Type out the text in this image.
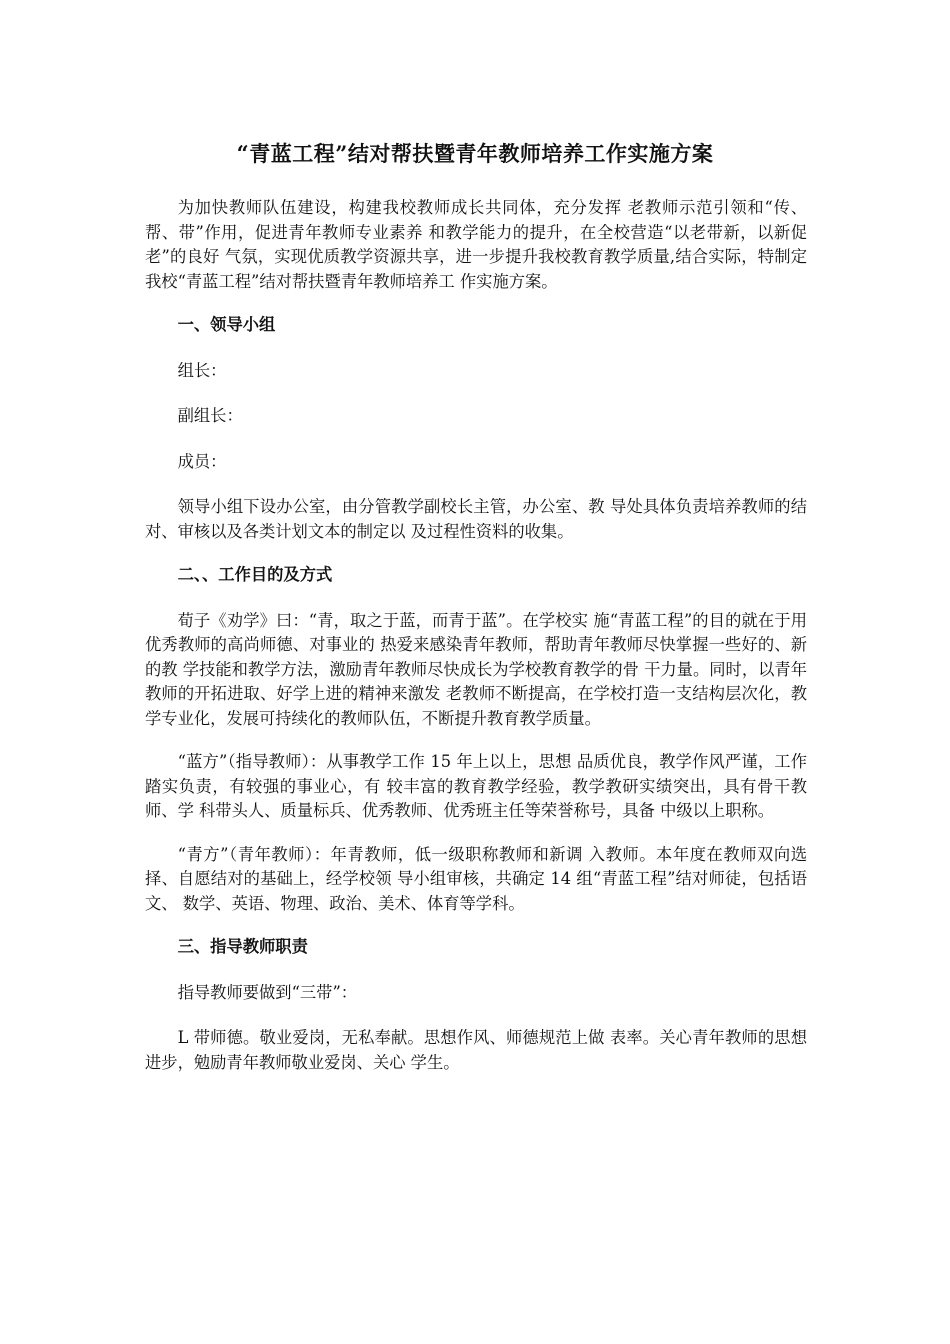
“青蓝工程”结对帮扶暨青年教师培养工作实施方案

为加快教师队伍建设，构建我校教师成长共同体，充分发挥 老教师示范引领和“传、帮、带”作用，促进青年教师专业素养 和教学能力的提升，在全校营造“以老带新，以新促老”的良好 气氛，实现优质教学资源共享，进一步提升我校教育教学质量,结合实际，特制定我校“青蓝工程”结对帮扶暨青年教师培养工 作实施方案。

一、领导小组
组长：
副组长：
成员：

领导小组下设办公室，由分管教学副校长主管，办公室、教 导处具体负责培养教师的结对、审核以及各类计划文本的制定以 及过程性资料的收集。

二、、工作目的及方式

荀子《劝学》曰：“青，取之于蓝，而青于蓝”。在学校实 施“青蓝工程”的目的就在于用优秀教师的高尚师德、对事业的 热爱来感染青年教师，帮助青年教师尽快掌握一些好的、新的教 学技能和教学方法，激励青年教师尽快成长为学校教育教学的骨 干力量。同时，以青年教师的开拓进取、好学上进的精神来激发 老教师不断提高，在学校打造一支结构层次化，教学专业化，发展可持续化的教师队伍，不断提升教育教学质量。

“蓝方”（指导教师）：从事教学工作 15 年上以上，思想 品质优良，教学作风严谨，工作踏实负责，有较强的事业心，有 较丰富的教育教学经验，教学教研实绩突出，具有骨干教师、学 科带头人、质量标兵、优秀教师、优秀班主任等荣誉称号，具备 中级以上职称。

“青方”（青年教师）：年青教师，低一级职称教师和新调 入教师。本年度在教师双向选择、自愿结对的基础上，经学校领 导小组审核，共确定 14 组“青蓝工程”结对师徒，包括语文、 数学、英语、物理、政治、美术、体育等学科。

三、指导教师职责
指导教师要做到“三带”：

L 带师德。敬业爱岗，无私奉献。思想作风、师德规范上做 表率。关心青年教师的思想进步，勉励青年教师敬业爱岗、关心 学生。
